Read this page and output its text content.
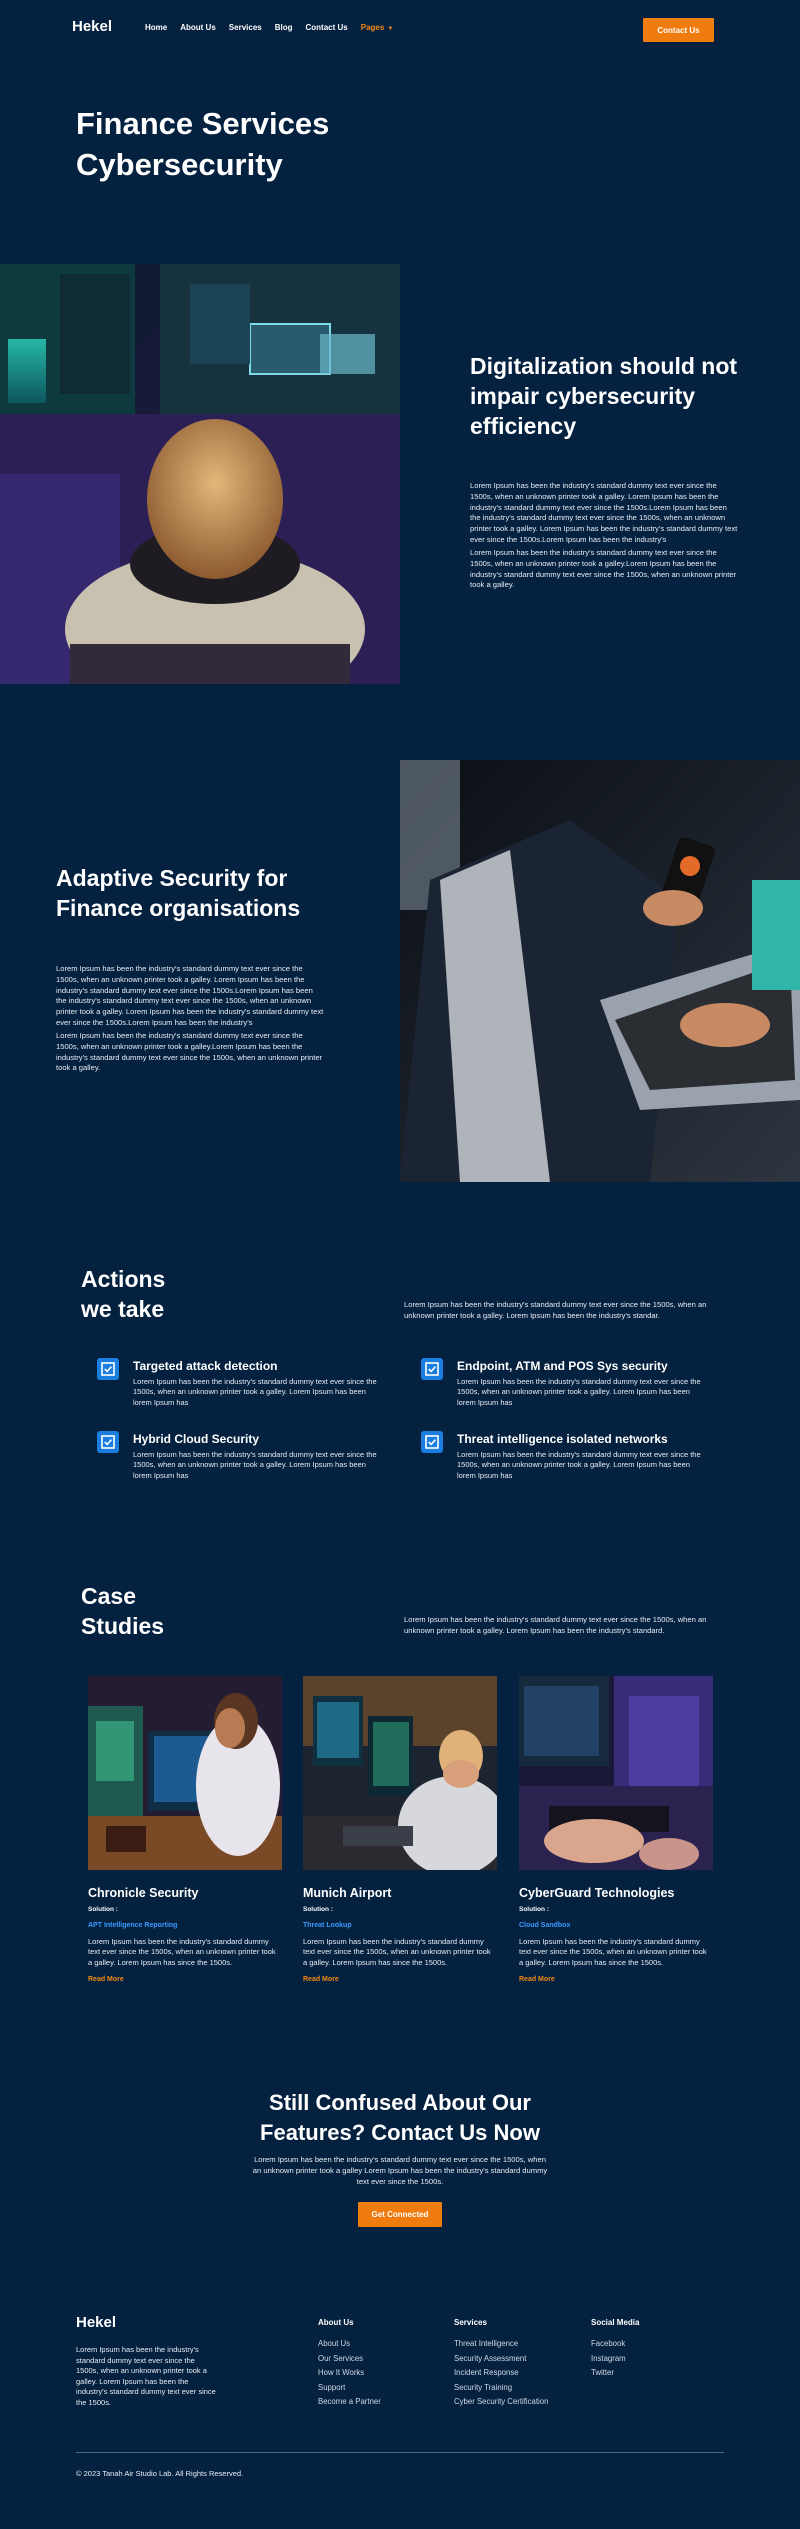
Hekel	Home About Us Services Blog Contact Us Pages ▼	Contact Us
Finance Services
Cybersecurity
Digitalization should not impair cybersecurity efficiency

Lorem Ipsum has been the industry's standard dummy text ever since the 1500s, when an unknown printer took a galley. Lorem Ipsum has been the industry's standard dummy text ever since the 1500s.Lorem Ipsum has been the industry's standard dummy text ever since the 1500s, when an unknown printer took a galley. Lorem Ipsum has been the industry's standard dummy text ever since the 1500s.Lorem Ipsum has been the industry's

Lorem Ipsum has been the industry's standard dummy text ever since the 1500s, when an unknown printer took a galley.Lorem Ipsum has been the industry's standard dummy text ever since the 1500s, when an unknown printer took a galley.

Adaptive Security for Finance organisations

Lorem Ipsum has been the industry's standard dummy text ever since the 1500s, when an unknown printer took a galley. Lorem Ipsum has been the industry's standard dummy text ever since the 1500s.Lorem Ipsum has been the industry's standard dummy text ever since the 1500s, when an unknown printer took a galley. Lorem Ipsum has been the industry's standard dummy text ever since the 1500s.Lorem Ipsum has been the industry's

Lorem Ipsum has been the industry's standard dummy text ever since the 1500s, when an unknown printer took a galley.Lorem Ipsum has been the industry's standard dummy text ever since the 1500s, when an unknown printer took a galley.

Actions
we take	Lorem Ipsum has been the industry's standard dummy text ever since the 1500s, when an unknown printer took a galley. Lorem Ipsum has been the industry's standar.

Targeted attack detection
Lorem Ipsum has been the industry's standard dummy text ever since the 1500s, when an unknown printer took a galley. Lorem Ipsum has been lorem Ipsum has
Endpoint, ATM and POS Sys security
Lorem Ipsum has been the industry's standard dummy text ever since the 1500s, when an unknown printer took a galley. Lorem Ipsum has been lorem Ipsum has
Hybrid Cloud Security
Lorem Ipsum has been the industry's standard dummy text ever since the 1500s, when an unknown printer took a galley. Lorem Ipsum has been lorem Ipsum has
Threat intelligence isolated networks
Lorem Ipsum has been the industry's standard dummy text ever since the 1500s, when an unknown printer took a galley. Lorem Ipsum has been lorem Ipsum has
Case
Studies	Lorem Ipsum has been the industry's standard dummy text ever since the 1500s, when an unknown printer took a galley. Lorem Ipsum has been the industry's standard.

Chronicle Security
Solution :
APT Intelligence Reporting
Lorem Ipsum has been the industry's standard dummy text ever since the 1500s, when an unknown printer took a galley. Lorem Ipsum has since the 1500s.
Read More
Munich Airport
Solution :
Threat Lookup
Lorem Ipsum has been the industry's standard dummy text ever since the 1500s, when an unknown printer took a galley. Lorem Ipsum has since the 1500s.
Read More
CyberGuard Technologies
Solution :
Cloud Sandbox
Lorem Ipsum has been the industry's standard dummy text ever since the 1500s, when an unknown printer took a galley. Lorem Ipsum has since the 1500s.
Read More
Still Confused About Our
Features? Contact Us Now

Lorem Ipsum has been the industry's standard dummy text ever since the 1500s, when an unknown printer took a galley Lorem Ipsum has been the industry's standard dummy text ever since the 1500s.

Get Connected
Hekel

Lorem Ipsum has been the industry's standard dummy text ever since the 1500s, when an unknown printer took a galley. Lorem Ipsum has been the industry's standard dummy text ever since the 1500s.

About Us
About Us
Our Services
How It Works
Support
Become a Partner
Services
Threat Intelligence
Security Assessment
Incident Response
Security Training
Cyber Security Certification
Social Media
Facebook
Instagram
Twitter
© 2023 Tanah Air Studio Lab. All Rights Reserved.
